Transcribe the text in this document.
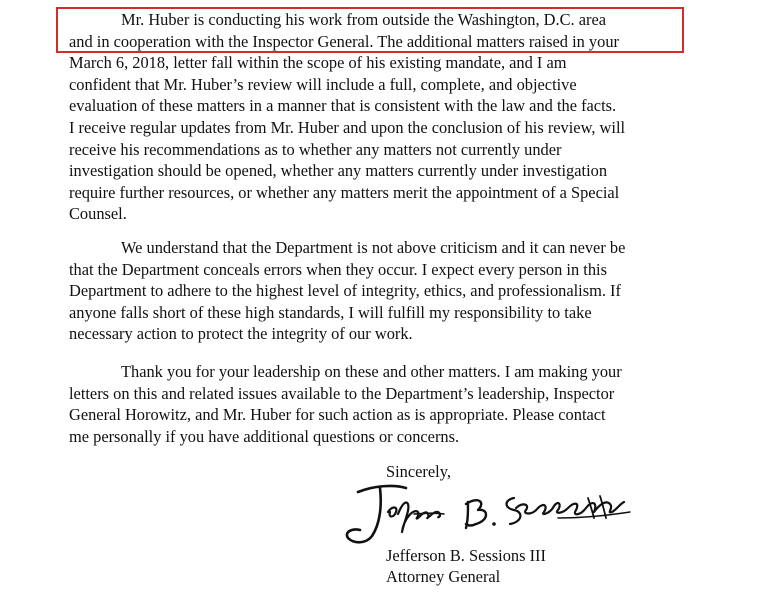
Mr. Huber is conducting his work from outside the Washington, D.C. area
and in cooperation with the Inspector General. The additional matters raised in your
March 6, 2018, letter fall within the scope of his existing mandate, and I am
confident that Mr. Huber’s review will include a full, complete, and objective
evaluation of these matters in a manner that is consistent with the law and the facts.
I receive regular updates from Mr. Huber and upon the conclusion of his review, will
receive his recommendations as to whether any matters not currently under
investigation should be opened, whether any matters currently under investigation
require further resources, or whether any matters merit the appointment of a Special
Counsel.

We understand that the Department is not above criticism and it can never be
that the Department conceals errors when they occur. I expect every person in this
Department to adhere to the highest level of integrity, ethics, and professionalism. If
anyone falls short of these high standards, I will fulfill my responsibility to take
necessary action to protect the integrity of our work.

Thank you for your leadership on these and other matters. I am making your
letters on this and related issues available to the Department’s leadership, Inspector
General Horowitz, and Mr. Huber for such action as is appropriate. Please contact
me personally if you have additional questions or concerns.

Sincerely,
Jefferson B. Sessions III
Attorney General
